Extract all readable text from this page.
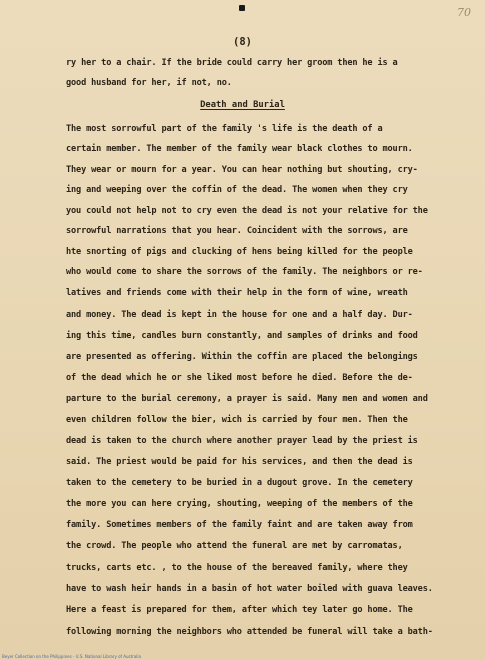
70
(8)
ry her to a chair. If the bride could carry her groom then he is a
good husband for her, if not, no.
Death and Burial
The most sorrowful part of the family 's life is the death of a
certain member. The member of the family wear black clothes to mourn.
They wear or mourn for a year. You can hear nothing but shouting, cry-
ing and weeping over the coffin of the dead. The women when they cry
you could not help not to cry even the dead is not your relative for the
sorrowful narrations that you hear. Coincident with the sorrows, are
hte snorting of pigs and clucking of hens being killed for the people
who would come to share the sorrows of the family. The neighbors or re-
latives and friends come with their help in the form of wine, wreath
and money. The dead is kept in the house for one and a half day. Dur-
ing this time, candles burn constantly, and samples of drinks and food
are presented as offering. Within the coffin are placed the belongings
of the dead which he or she liked most before he died. Before the de-
parture to the burial ceremony, a prayer is said. Many men and women and
even children follow the bier, wich is carried by four men. Then the
dead is taken to the church where another prayer lead by the priest is
said. The priest would be paid for his services, and then the dead is
taken to the cemetery to be buried in a dugout grove. In the cemetery
the more you can here crying, shouting, weeping of the members of the
family. Sometimes members of the family faint and are taken away from
the crowd. The people who attend the funeral are met by carromatas,
trucks, carts etc. , to the house of the bereaved family, where they
have to wash heir hands in a basin of hot water boiled with guava leaves.
Here a feast is prepared for them, after which tey later go home. The
following morning the neighbors who attended be funeral will take a bath-
Beyer Collection on the Philippines - U.S. National Library of Australia
